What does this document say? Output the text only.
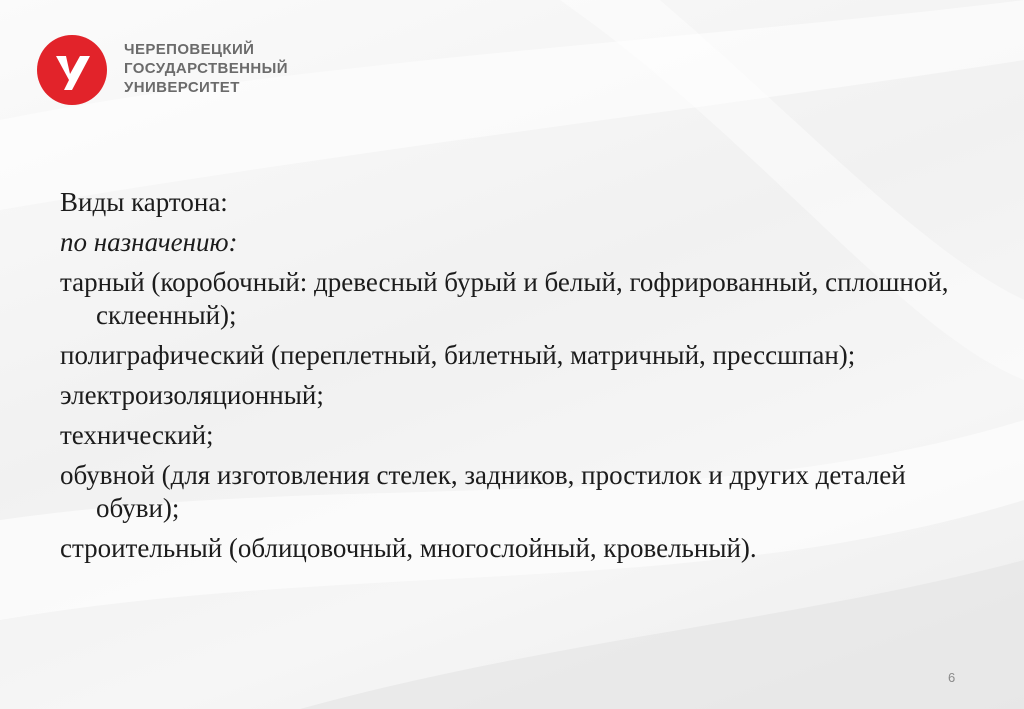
ЧЕРЕПОВЕЦКИЙ
ГОСУДАРСТВЕННЫЙ
УНИВЕРСИТЕТ
Виды картона:
по назначению:
тарный (коробочный: древесный бурый и белый, гофрированный, сплошной, склеенный);
полиграфический (переплетный, билетный, матричный, прессшпан);
электроизоляционный;
технический;
обувной (для изготовления стелек, задников, простилок и других деталей обуви);
строительный (облицовочный, многослойный, кровельный).
6
